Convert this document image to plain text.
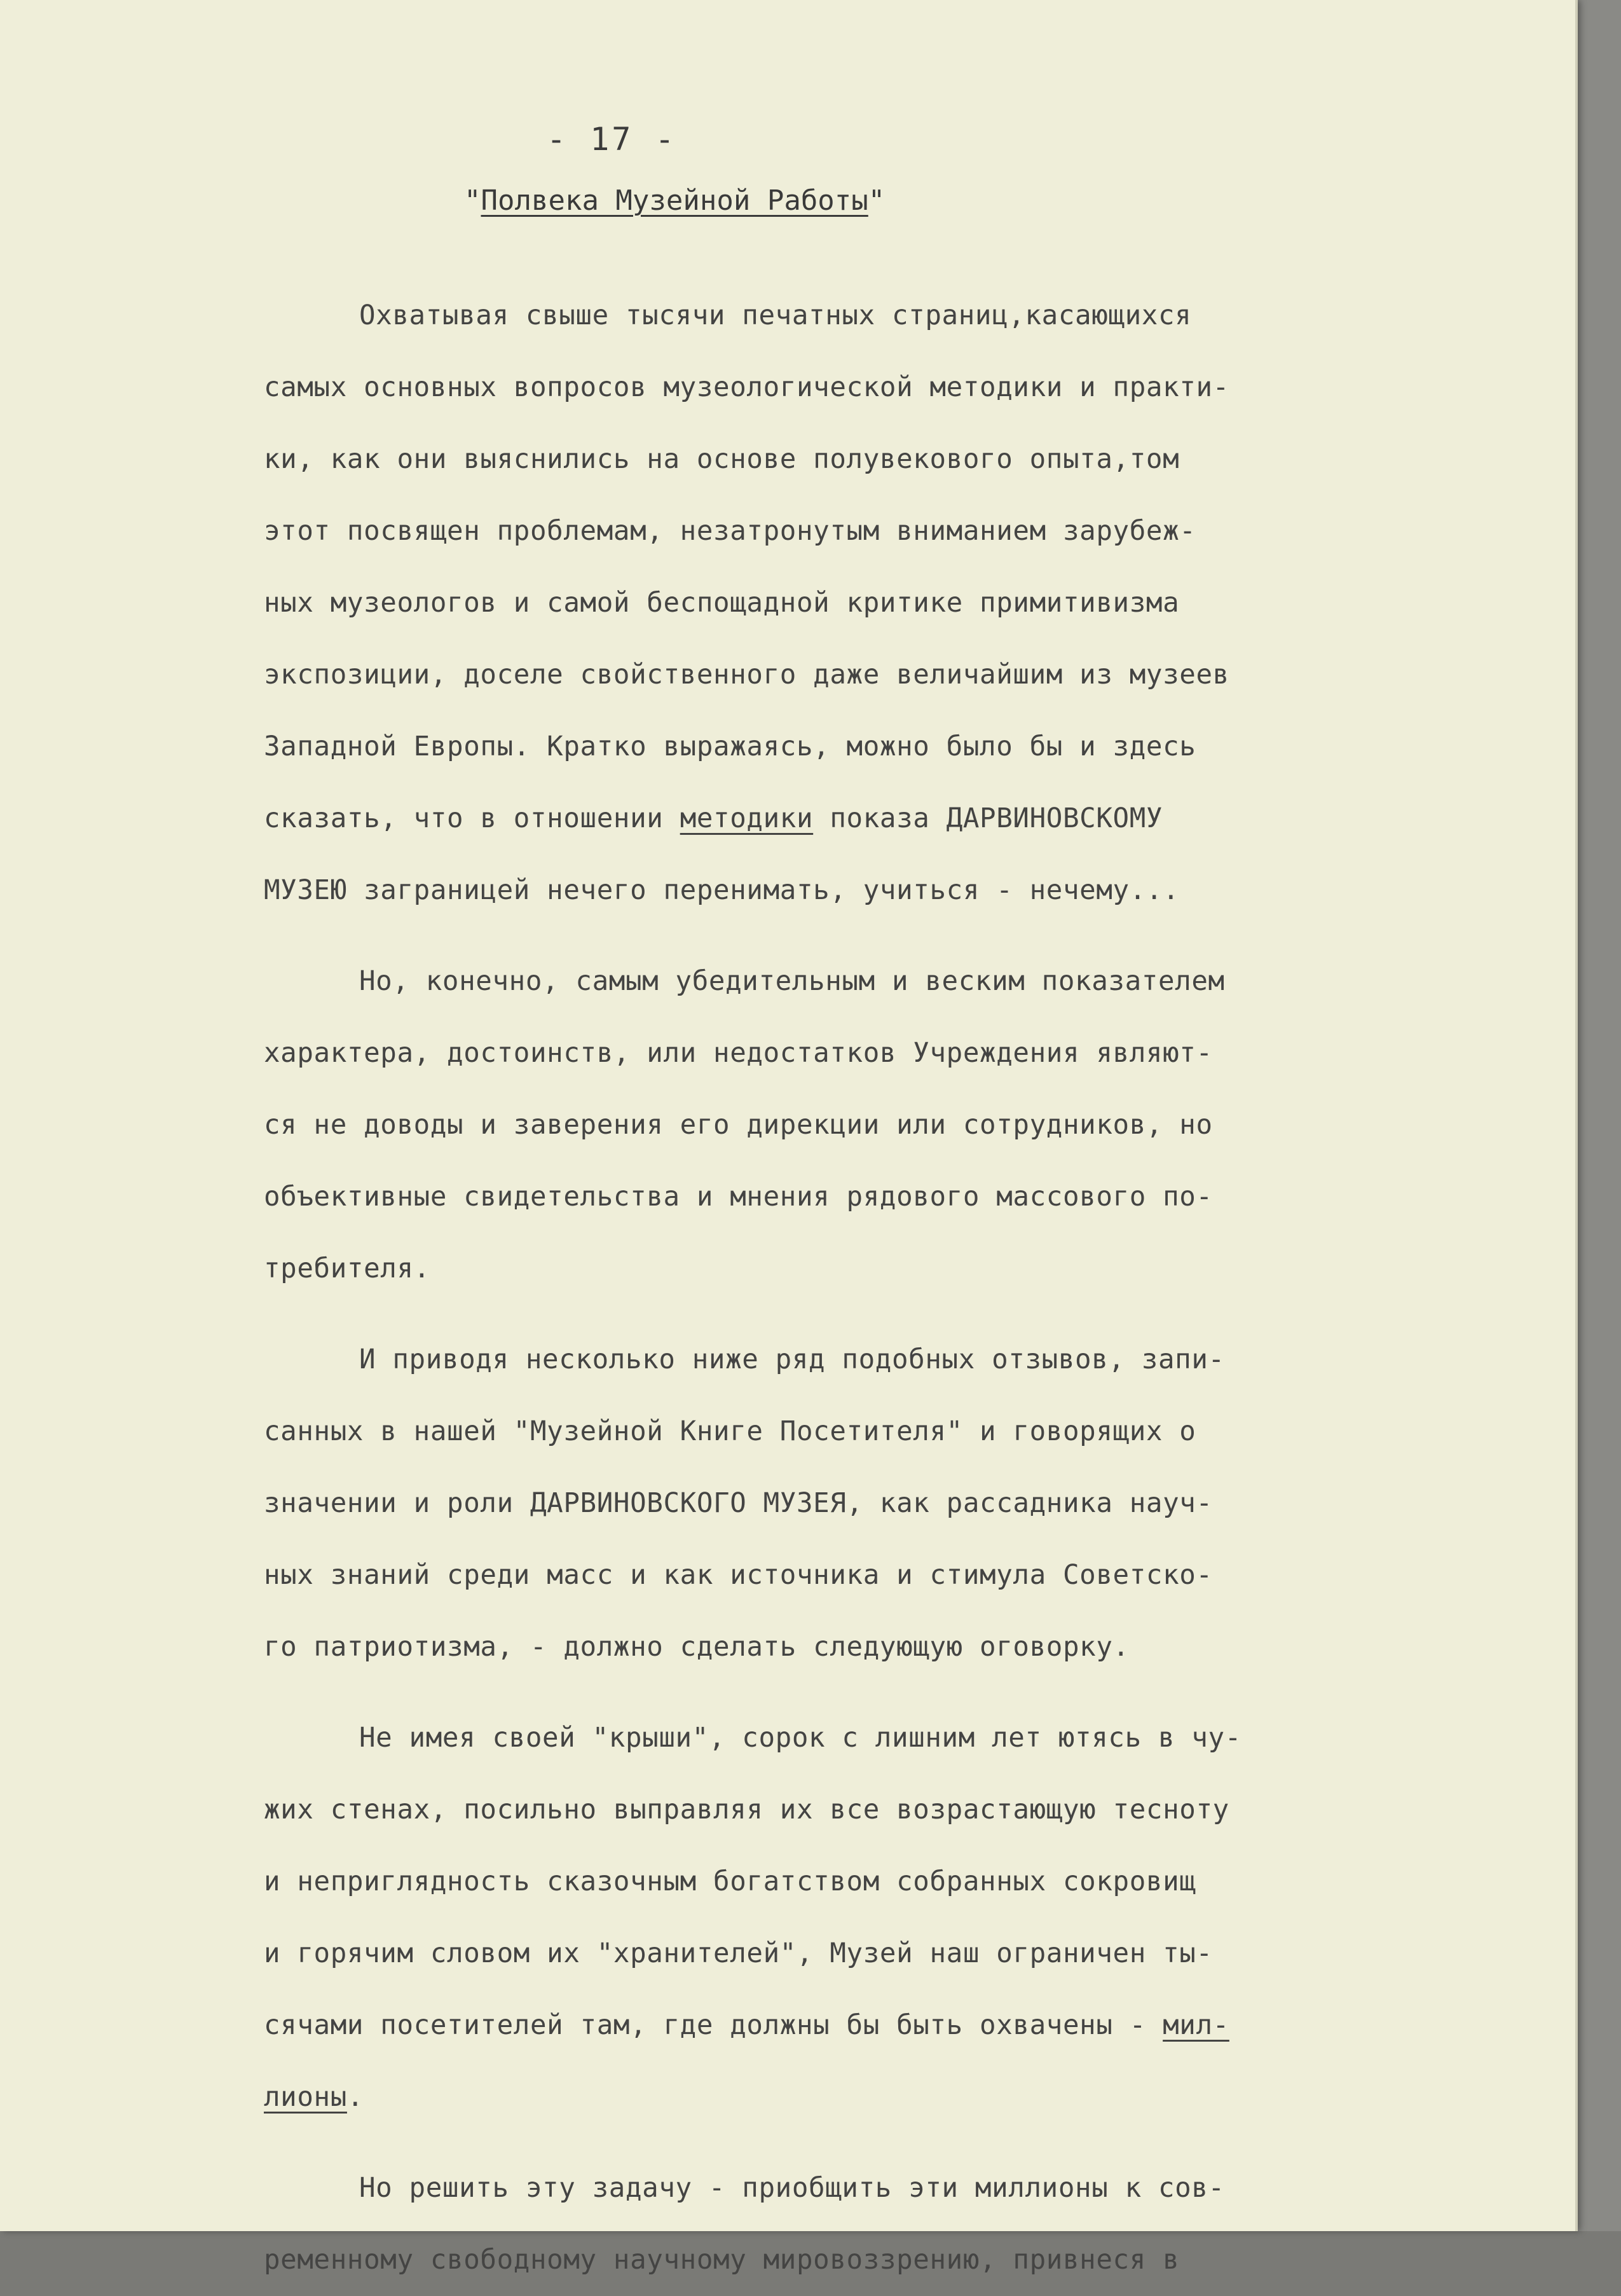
- 17 -
"Полвека Музейной Работы"
Охватывая свыше тысячи печатных страниц,касающихся
самых основных вопросов музеологической методики и практи-
ки, как они выяснились на основе полувекового опыта,том
этот посвящен проблемам, незатронутым вниманием зарубеж-
ных музеологов и самой беспощадной критике примитивизма
экспозиции, доселе свойственного даже величайшим из музеев
Западной Европы. Кратко выражаясь, можно было бы и здесь
сказать, что в отношении методики показа ДАРВИНОВСКОМУ
МУЗЕЮ заграницей нечего перенимать, учиться - нечему...
Но, конечно, самым убедительным и веским показателем
характера, достоинств, или недостатков Учреждения являют-
ся не доводы и заверения его дирекции или сотрудников, но
объективные свидетельства и мнения рядового массового по-
требителя.
И приводя несколько ниже ряд подобных отзывов, запи-
санных в нашей "Музейной Книге Посетителя" и говорящих о
значении и роли ДАРВИНОВСКОГО МУЗЕЯ, как рассадника науч-
ных знаний среди масс и как источника и стимула Советско-
го патриотизма, - должно сделать следующую оговорку.
Не имея своей "крыши", сорок с лишним лет ютясь в чу-
жих стенах, посильно выправляя их все возрастающую тесноту
и неприглядность сказочным богатством собранных сокровищ
и горячим словом их "хранителей", Музей наш ограничен ты-
сячами посетителей там, где должны бы быть охвачены - мил-
лионы.
Но решить эту задачу - приобщить эти миллионы к сов-
ременному свободному научному мировоззрению, привнеся в
